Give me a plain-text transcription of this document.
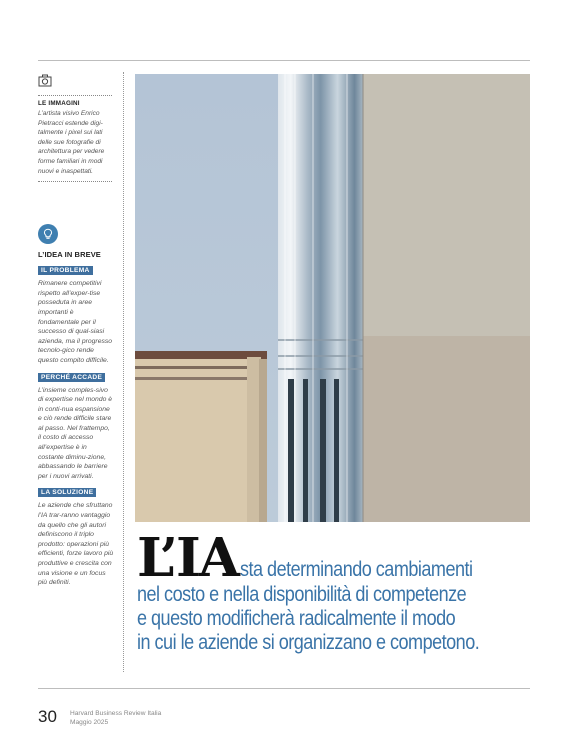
LE IMMAGINI
L’artista visivo Enrico Pietracci estende digi-talmente i pixel sui lati delle sue fotografie di architettura per vedere forme familiari in modi nuovi e inaspettati.
L’IDEA IN BREVE
IL PROBLEMA
Rimanere competitivi rispetto all’exper-tise posseduta in aree importanti è fondamentale per il successo di qual-siasi azienda, ma il progresso tecnolo-gico rende questo compito difficile.
PERCHÉ ACCADE
L’insieme comples-sivo di expertise nel mondo è in conti-nua espansione e ciò rende difficile stare al passo. Nel frattempo, il costo di accesso all’expertise è in costante diminu-zione, abbassando le barriere per i nuovi arrivati.
LA SOLUZIONE
Le aziende che sfruttano l’IA trar-ranno vantaggio da quello che gli autori definiscono il triplo prodotto: operazioni più efficienti, forze lavoro più produttive e crescita con una visione e un focus più definiti.	L’IAsta determinando cambiamenti
nel costo e nella disponibilità di competenze
e questo modificherà radicalmente il modo
in cui le aziende si organizzano e competono.
30 Harvard Business Review Italia
Maggio 2025
